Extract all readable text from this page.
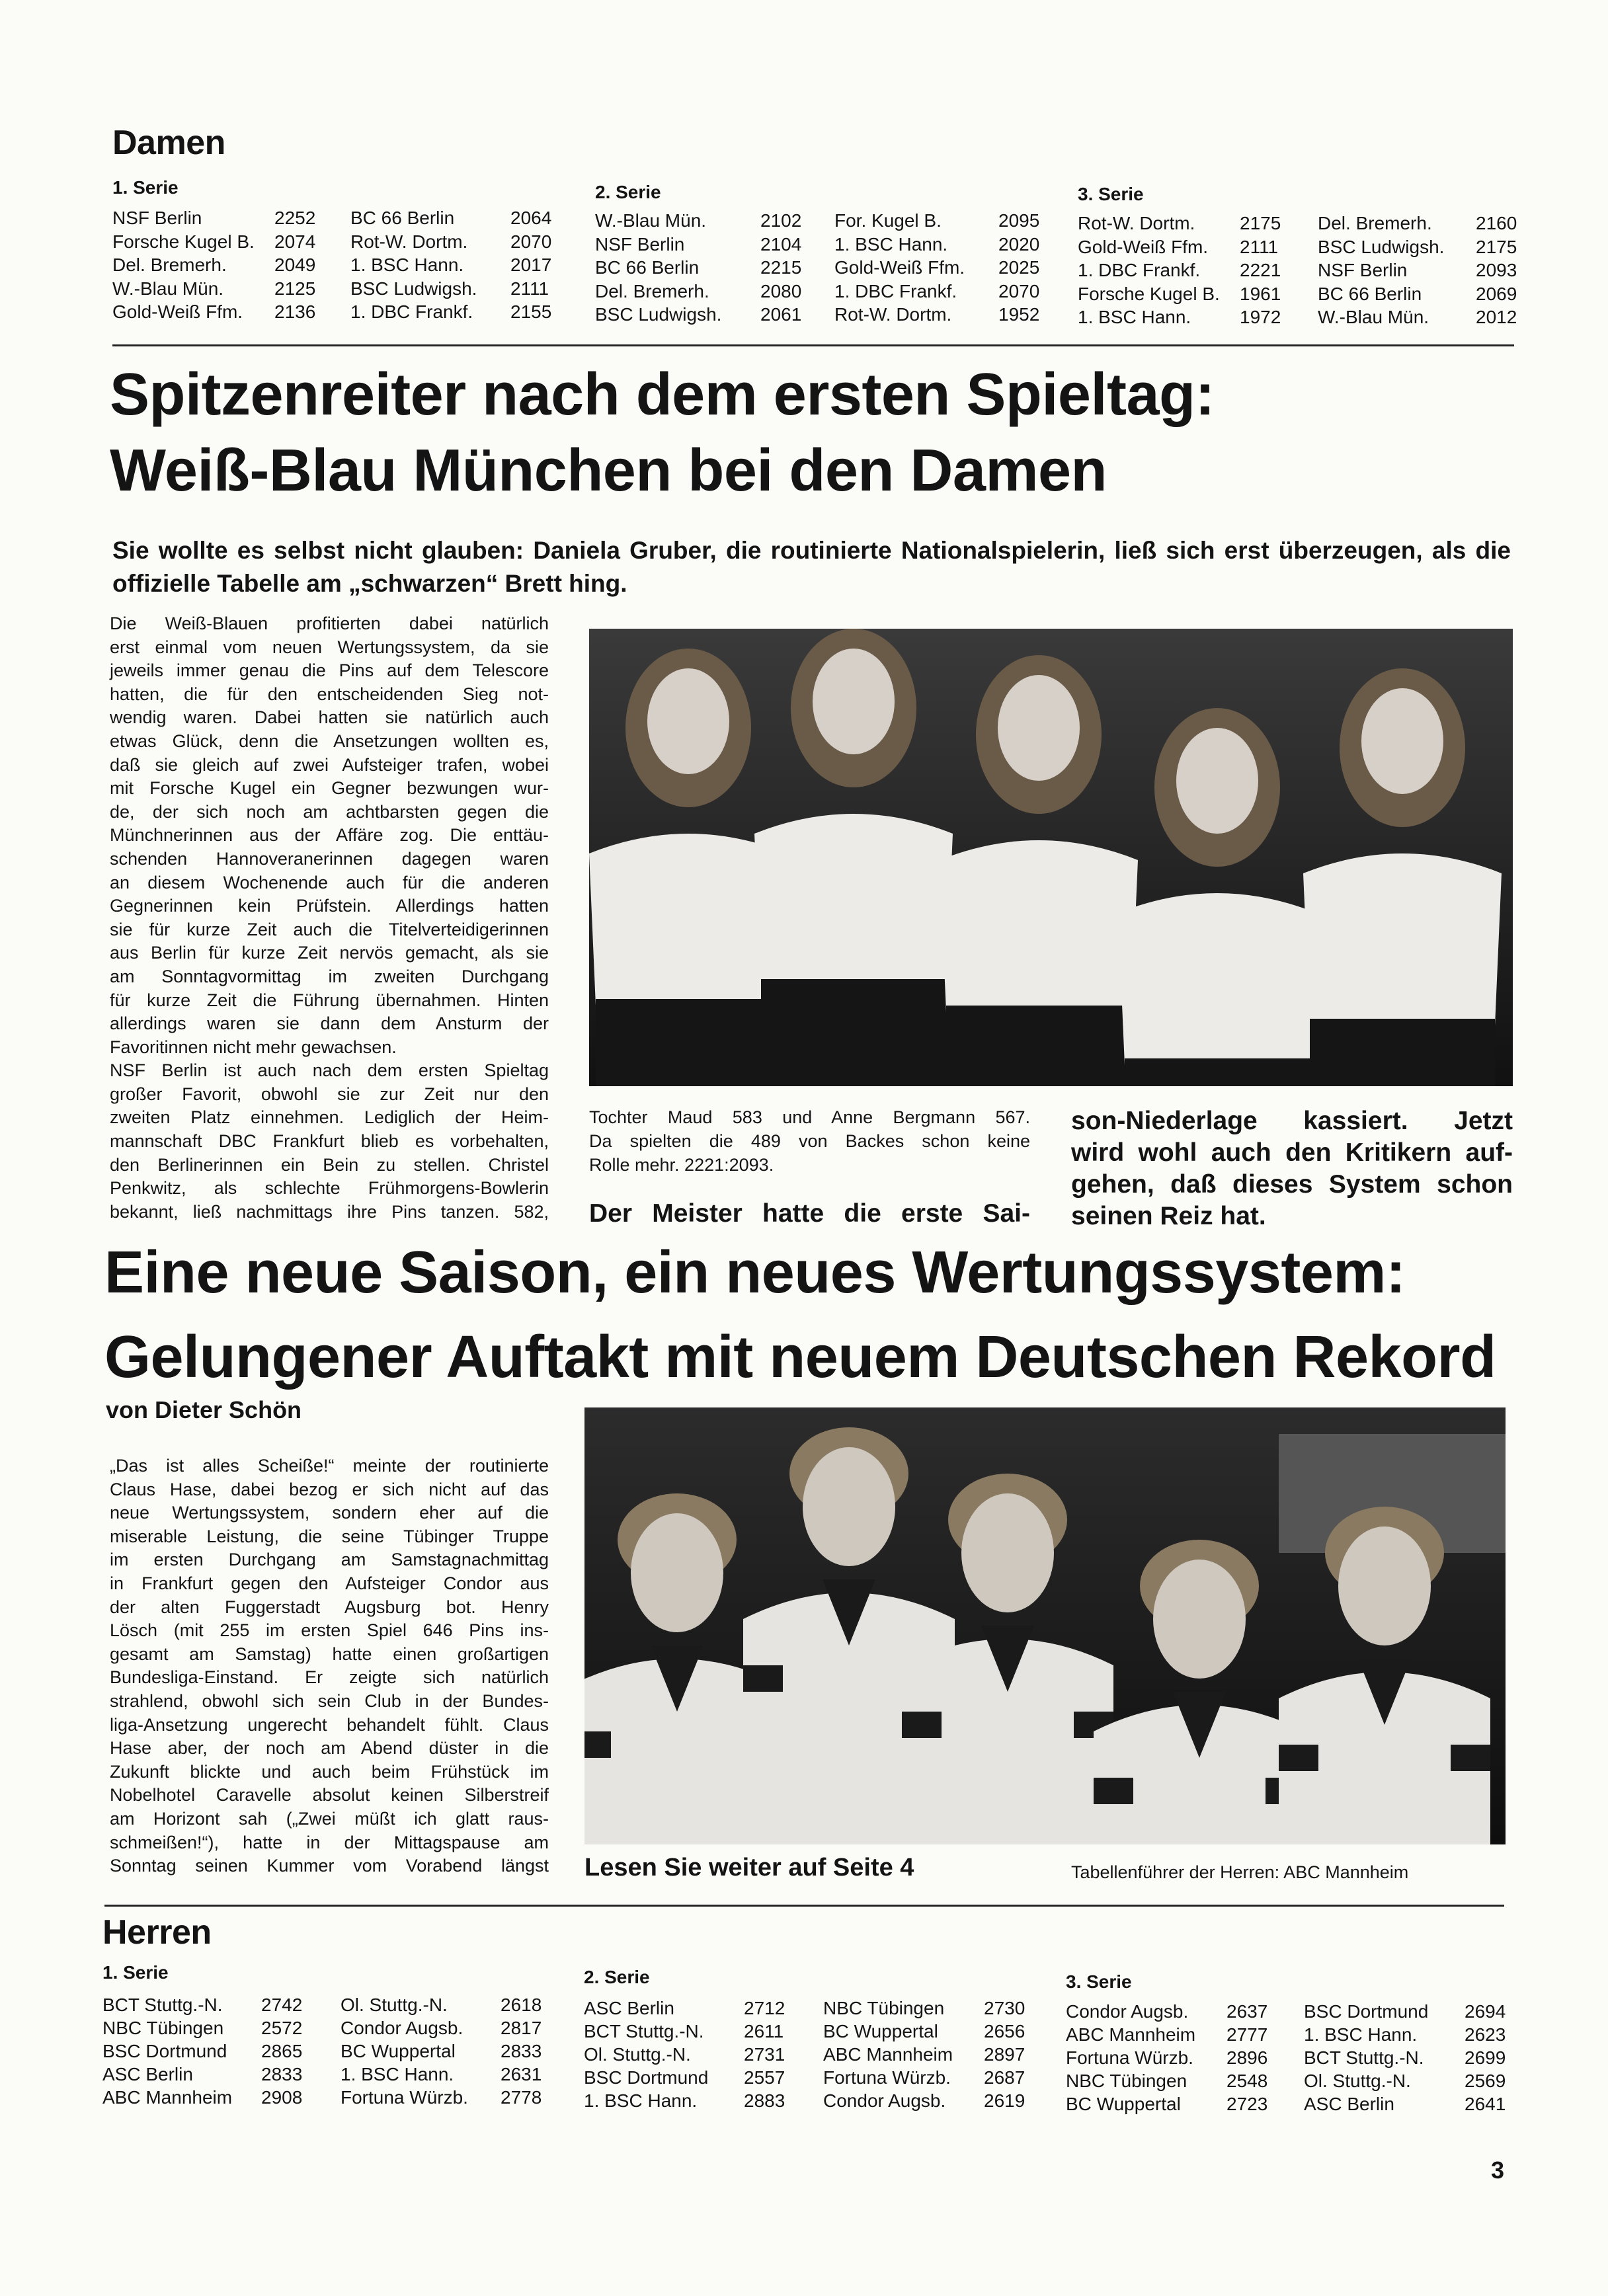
Damen
1. Serie
NSF Berlin	2252 BC 66 Berlin	2064
Forsche Kugel B. 2074 Rot-W. Dortm. 2070
Del. Bremerh.	2049 1. BSC Hann.	2017
W.-Blau Mün.	2125 BSC Ludwigsh. 2111
Gold-Weiß Ffm. 2136 1. DBC Frankf. 2155
2. Serie
W.-Blau Mün.	2102 For. Kugel B.	2095
NSF Berlin	2104 1. BSC Hann.	2020
BC 66 Berlin	2215 Gold-Weiß Ffm. 2025
Del. Bremerh.	2080 1. DBC Frankf. 2070
BSC Ludwigsh. 2061 Rot-W. Dortm.	1952
3. Serie
Rot-W. Dortm. 2175 Del. Bremerh. 2160
Gold-Weiß Ffm. 2111 BSC Ludwigsh. 2175
1. DBC Frankf. 2221 NSF Berlin	2093
Forsche Kugel B. 1961 BC 66 Berlin	2069
1. BSC Hann.	1972 W.-Blau Mün.	2012
Spitzenreiter nach dem ersten Spieltag:
Weiß-Blau München bei den Damen
Sie wollte es selbst nicht glauben: Daniela Gruber, die routinierte Nationalspielerin, ließ sich erst überzeugen, als die offizielle Tabelle am „schwarzen“ Brett hing.
Die Weiß-Blauen profitierten dabei natürlich
erst einmal vom neuen Wertungssystem, da sie
jeweils immer genau die Pins auf dem Telescore
hatten, die für den entscheidenden Sieg not-
wendig waren. Dabei hatten sie natürlich auch
etwas Glück, denn die Ansetzungen wollten es,
daß sie gleich auf zwei Aufsteiger trafen, wobei
mit Forsche Kugel ein Gegner bezwungen wur-
de, der sich noch am achtbarsten gegen die
Münchnerinnen aus der Affäre zog. Die enttäu-
schenden Hannoveranerinnen dagegen waren
an diesem Wochenende auch für die anderen
Gegnerinnen kein Prüfstein. Allerdings hatten
sie für kurze Zeit auch die Titelverteidigerinnen
aus Berlin für kurze Zeit nervös gemacht, als sie
am Sonntagvormittag im zweiten Durchgang
für kurze Zeit die Führung übernahmen. Hinten
allerdings waren sie dann dem Ansturm der
Favoritinnen nicht mehr gewachsen.
NSF Berlin ist auch nach dem ersten Spieltag
großer Favorit, obwohl sie zur Zeit nur den
zweiten Platz einnehmen. Lediglich der Heim-
mannschaft DBC Frankfurt blieb es vorbehalten,
den Berlinerinnen ein Bein zu stellen. Christel
Penkwitz, als schlechte Frühmorgens-Bowlerin
bekannt, ließ nachmittags ihre Pins tanzen. 582,
Tochter Maud 583 und Anne Bergmann 567.
Da spielten die 489 von Backes schon keine
Rolle mehr. 2221:2093.
Der Meister hatte die erste Sai-
son-Niederlage kassiert. Jetzt
wird wohl auch den Kritikern auf-
gehen, daß dieses System schon
seinen Reiz hat.
Eine neue Saison, ein neues Wertungssystem:
Gelungener Auftakt mit neuem Deutschen Rekord
von Dieter Schön
„Das ist alles Scheiße!“ meinte der routinierte
Claus Hase, dabei bezog er sich nicht auf das
neue Wertungssystem, sondern eher auf die
miserable Leistung, die seine Tübinger Truppe
im ersten Durchgang am Samstagnachmittag
in Frankfurt gegen den Aufsteiger Condor aus
der alten Fuggerstadt Augsburg bot. Henry
Lösch (mit 255 im ersten Spiel 646 Pins ins-
gesamt am Samstag) hatte einen großartigen
Bundesliga-Einstand. Er zeigte sich natürlich
strahlend, obwohl sich sein Club in der Bundes-
liga-Ansetzung ungerecht behandelt fühlt. Claus
Hase aber, der noch am Abend düster in die
Zukunft blickte und auch beim Frühstück im
Nobelhotel Caravelle absolut keinen Silberstreif
am Horizont sah („Zwei müßt ich glatt raus-
schmeißen!“), hatte in der Mittagspause am
Sonntag seinen Kummer vom Vorabend längst Lesen Sie weiter auf Seite 4	Tabellenführer der Herren: ABC Mannheim
Herren
1. Serie
BCT Stuttg.-N. 2742 Ol. Stuttg.-N.	2618
NBC Tübingen 2572 Condor Augsb. 2817
BSC Dortmund 2865 BC Wuppertal 2833
ASC Berlin	2833 1. BSC Hann.	2631
ABC Mannheim 2908 Fortuna Würzb. 2778
2. Serie
ASC Berlin	2712 NBC Tübingen 2730
BCT Stuttg.-N. 2611 BC Wuppertal 2656
Ol. Stuttg.-N.	2731 ABC Mannheim 2897
BSC Dortmund 2557 Fortuna Würzb. 2687
1. BSC Hann.	2883 Condor Augsb. 2619
3. Serie
Condor Augsb. 2637 BSC Dortmund 2694
ABC Mannheim 2777 1. BSC Hann.	2623
Fortuna Würzb. 2896 BCT Stuttg.-N. 2699
NBC Tübingen 2548 Ol. Stuttg.-N.	2569
BC Wuppertal 2723 ASC Berlin	2641
3
